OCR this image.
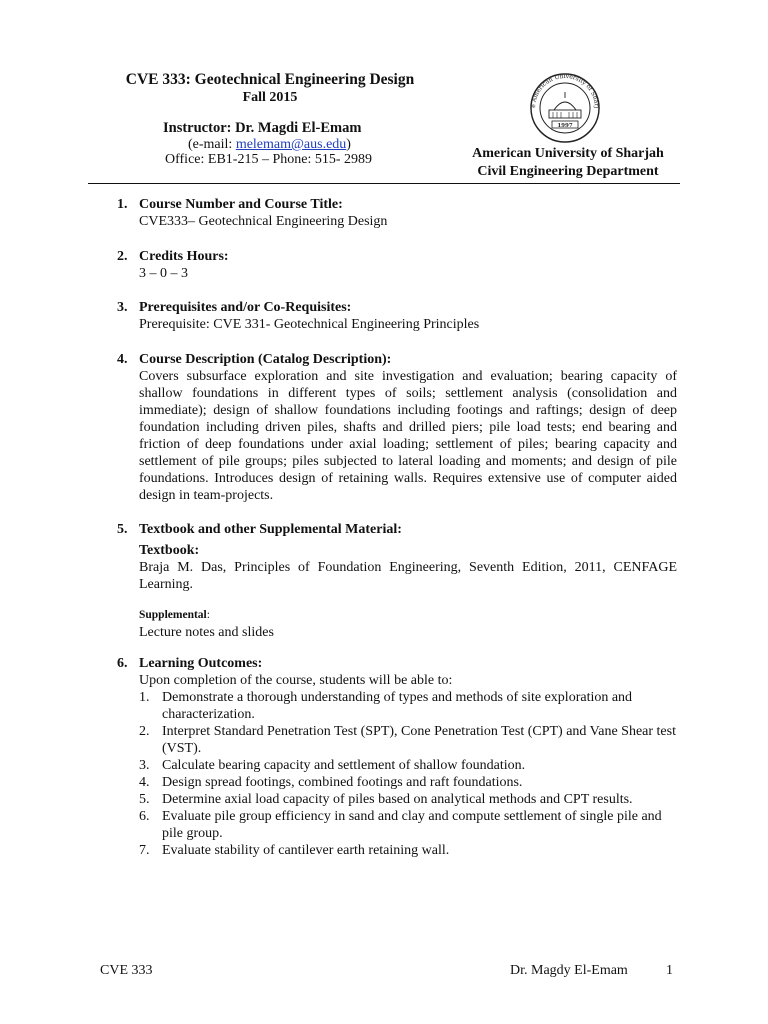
CVE 333: Geotechnical Engineering Design
Fall 2015
Instructor: Dr. Magdi El-Emam
(e-mail: melemam@aus.edu)
Office: EB1-215 – Phone: 515- 2989
e American University of Sharj
1997
American University of Sharjah
Civil Engineering Department
1. Course Number and Course Title:
CVE333– Geotechnical Engineering Design
2. Credits Hours:
3 – 0 – 3
3. Prerequisites and/or Co-Requisites:
Prerequisite: CVE 331- Geotechnical Engineering Principles
4. Course Description (Catalog Description):
Covers subsurface exploration and site investigation and evaluation; bearing capacity of shallow foundations in different types of soils; settlement analysis (consolidation and immediate); design of shallow foundations including footings and raftings; design of deep foundation including driven piles, shafts and drilled piers; pile load tests; end bearing and friction of deep foundations under axial loading; settlement of piles; bearing capacity and settlement of pile groups; piles subjected to lateral loading and moments; and design of pile foundations. Introduces design of retaining walls. Requires extensive use of computer aided design in team-projects.
5. Textbook and other Supplemental Material:
Textbook:
Braja M. Das, Principles of Foundation Engineering, Seventh Edition, 2011, CENFAGE Learning.
Supplemental:
Lecture notes and slides
6. Learning Outcomes:
Upon completion of the course, students will be able to:
1. Demonstrate a thorough understanding of types and methods of site exploration and characterization.
2. Interpret Standard Penetration Test (SPT), Cone Penetration Test (CPT) and Vane Shear test (VST).
3. Calculate bearing capacity and settlement of shallow foundation.
4. Design spread footings, combined footings and raft foundations.
5. Determine axial load capacity of piles based on analytical methods and CPT results.
6. Evaluate pile group efficiency in sand and clay and compute settlement of single pile and pile group.
7. Evaluate stability of cantilever earth retaining wall.
CVE 333	Dr. Magdy El-Emam	1
